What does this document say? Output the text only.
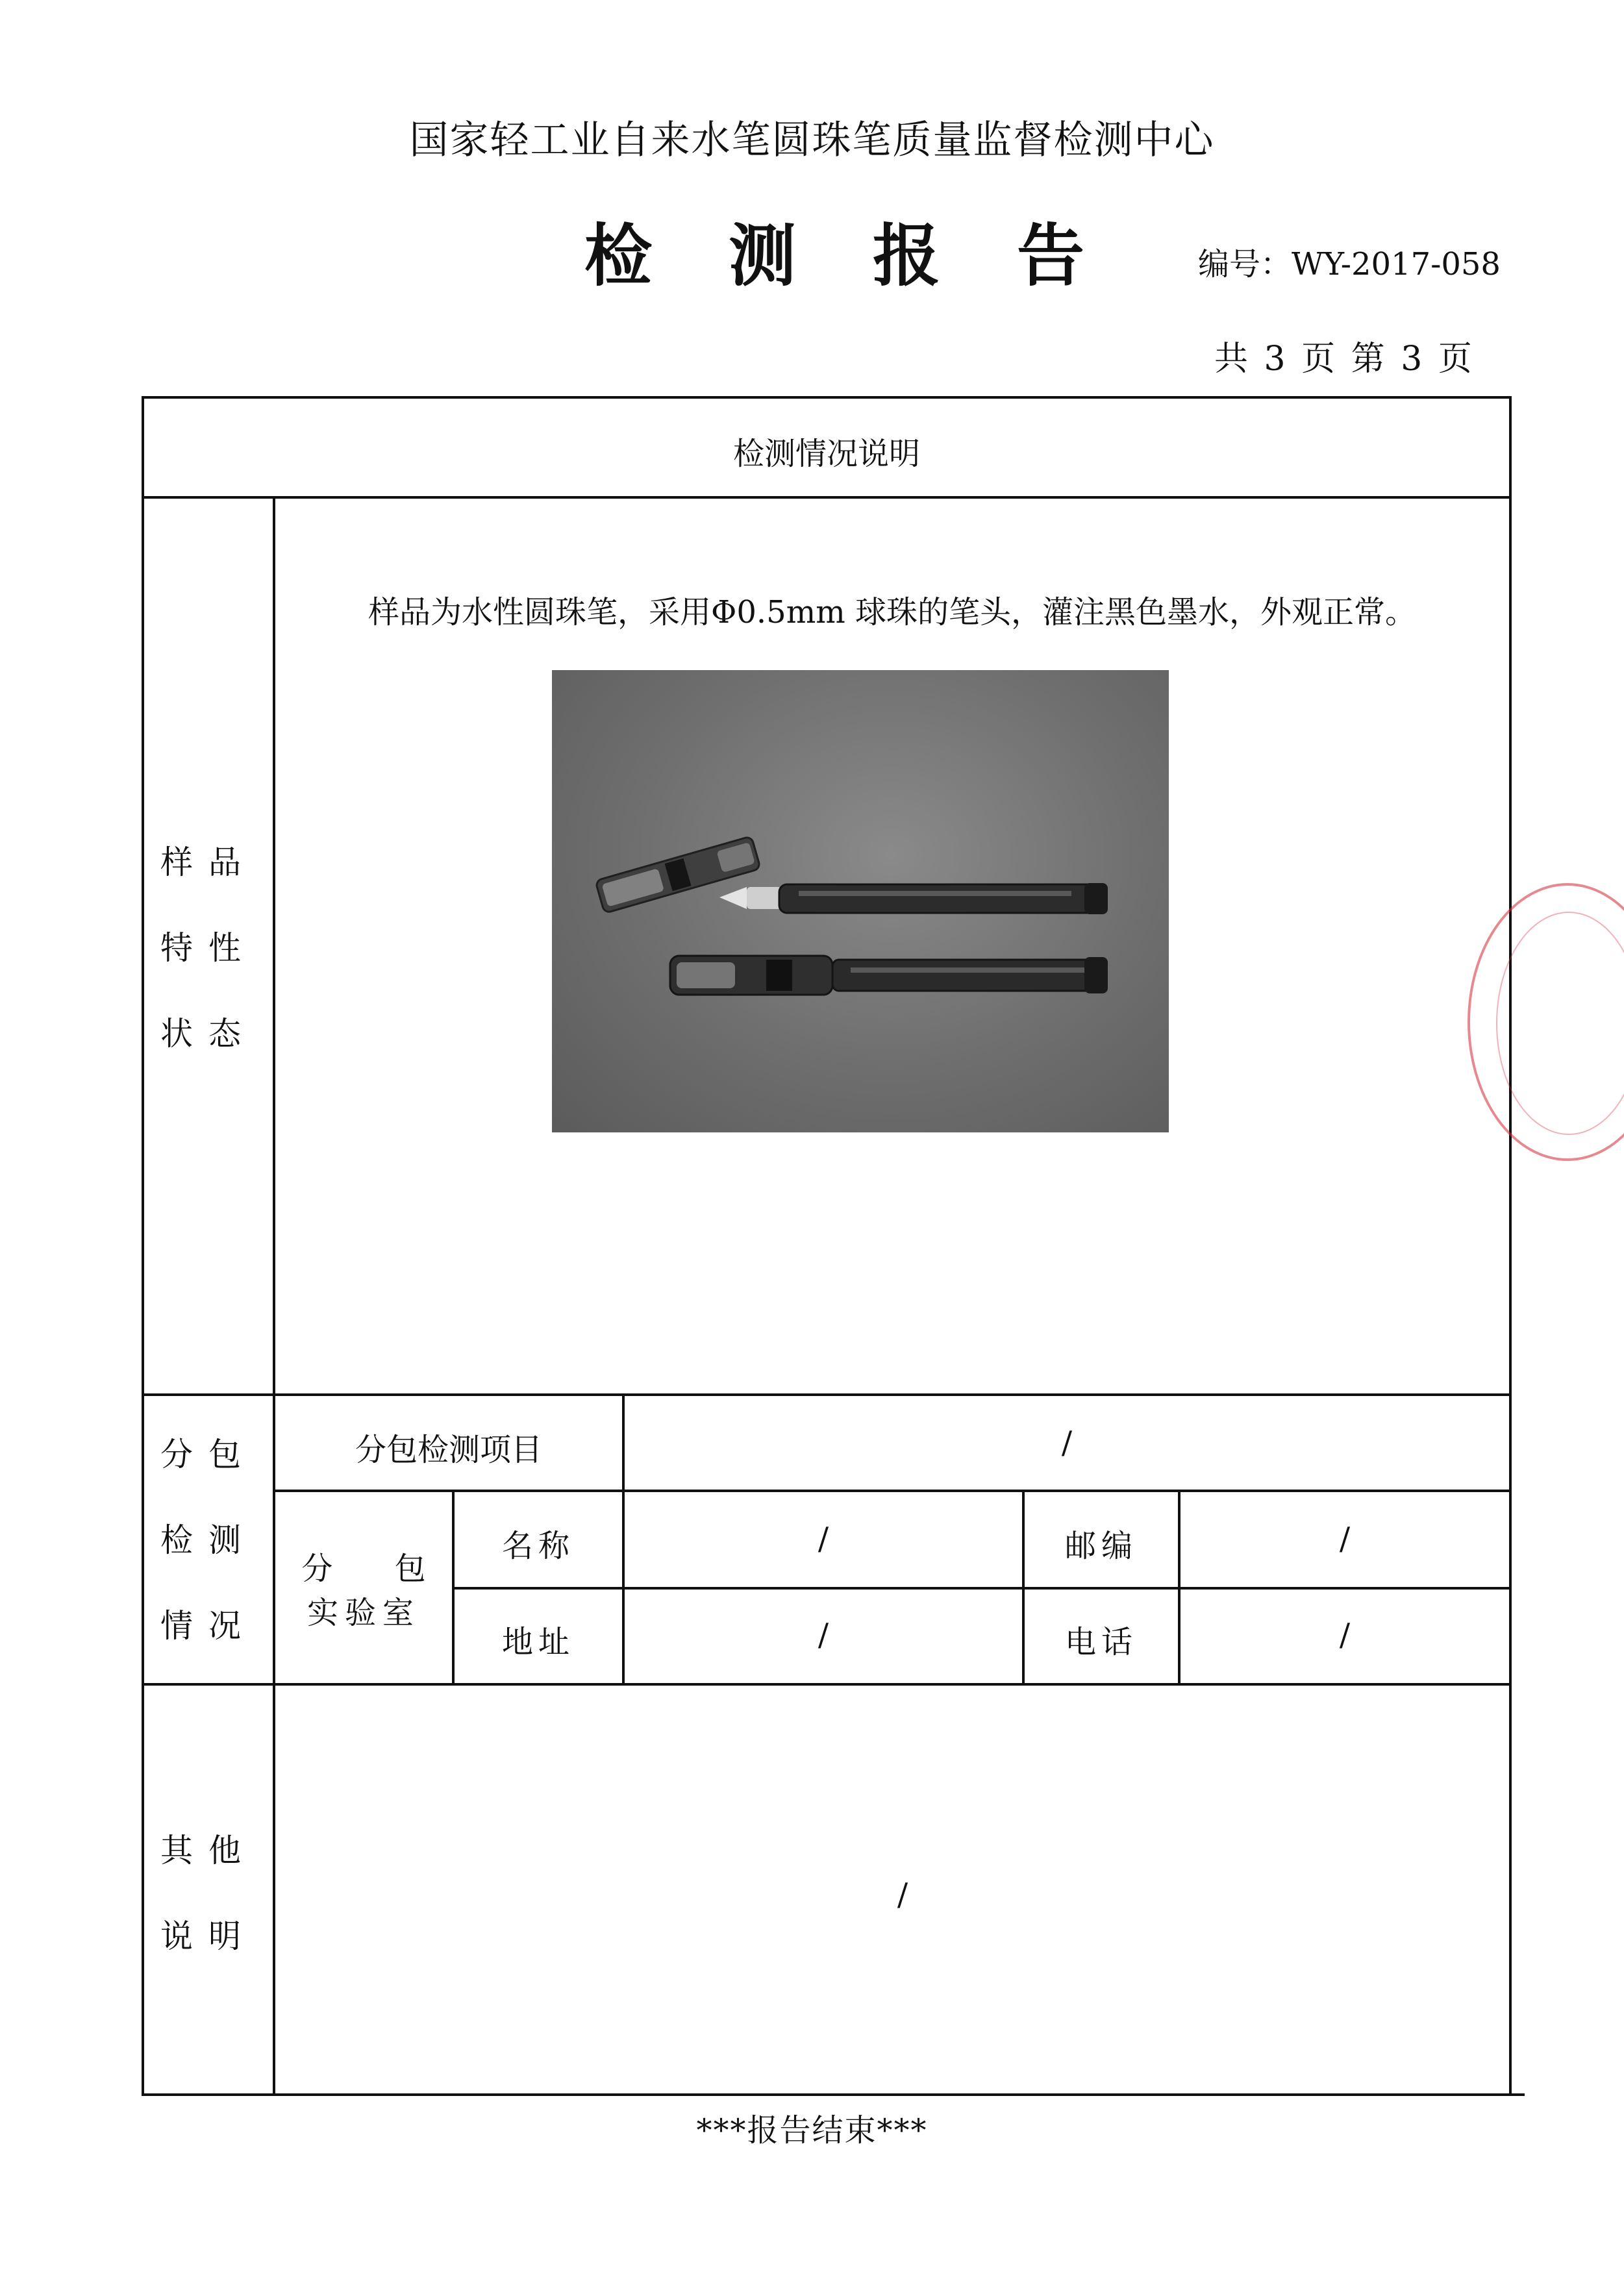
国家轻工业自来水笔圆珠笔质量监督检测中心
检测报告 编号：WY-2017-058
共 3 页 第 3 页
检测情况说明
样品
特性
状态
样品为水性圆珠笔，采用Φ0.5mm 球珠的笔头，灌注黑色墨水，外观正常。
分包
检测
情况
分包检测项目	/
分 包
实验室
名称	/	邮编	/
地址	/	电话	/
其他
说明
/
***报告结束***
